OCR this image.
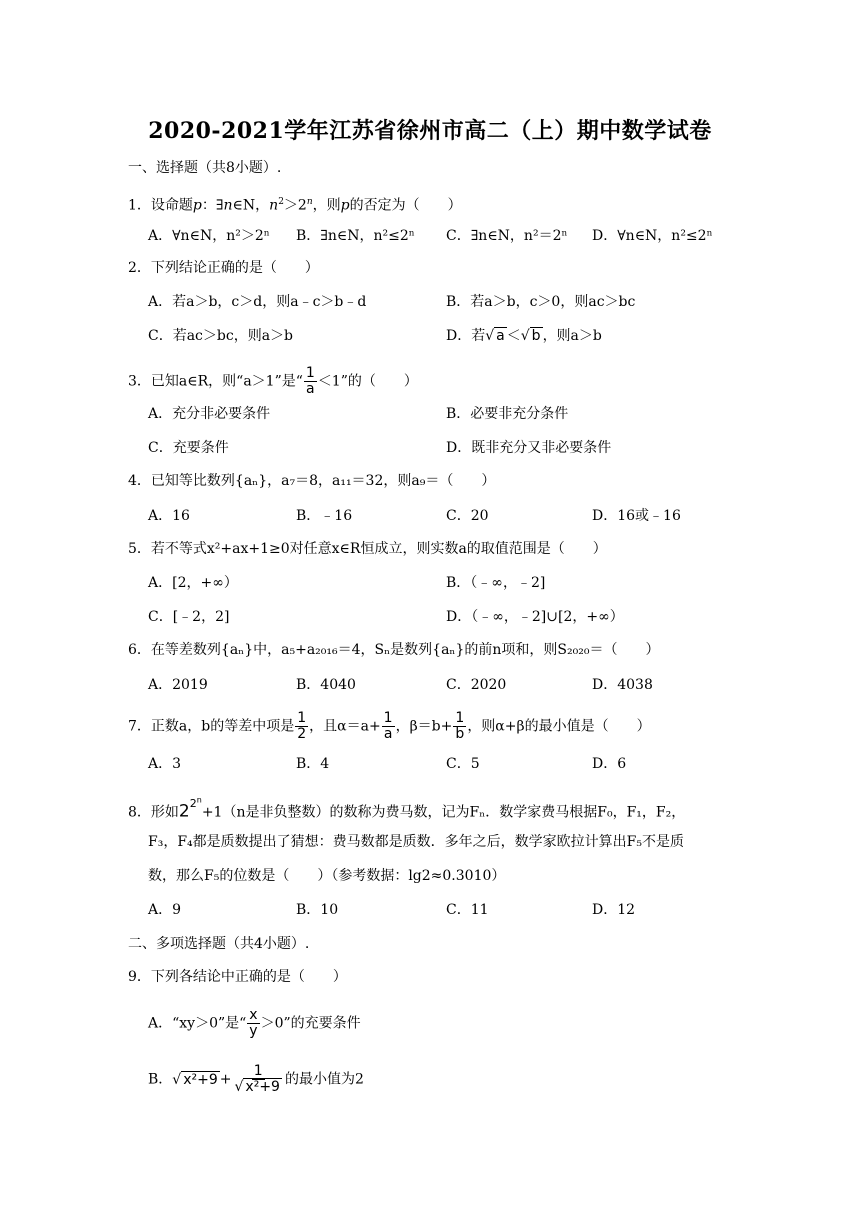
2020-2021学年江苏省徐州市高二（上）期中数学试卷
一、选择题（共8小题）.
1．设命题p：∃n∈N，$n^2>2^n$，则p的否定为（　　）
A．∀n∈N，n²＞2ⁿ B．∃n∈N，n²≤2ⁿ C．∃n∈N，n²＝2ⁿ D．∀n∈N，n²≤2ⁿ
2．下列结论正确的是（　　）
A．若a＞b，c＞d，则a﹣c＞b﹣d	B．若a＞b，c＞0，则ac＞bc
C．若ac＞bc，则a＞b	D．若√ a ＜√ b ，则a＞b
3．已知a∈R，则“a＞1”是“ $\frac{1}{a} <1$”的（　　）
A．充分非必要条件	B．必要非充分条件
C．充要条件	D．既非充分又非必要条件
4．已知等比数列{aₙ}，a₇＝8，a₁₁＝32，则a₉＝（　　）
A．16	B．﹣16	C．20	D．16或﹣16
5．若不等式x²+ax+1≥0对任意x∈R恒成立，则实数a的取值范围是（　　）
A．[2，+∞）	B．（﹣∞，﹣2]
C．[﹣2，2]	D．（﹣∞，﹣2]∪[2，+∞）
6．在等差数列{aₙ}中，a₅+a₂₀₁₆＝4，Sₙ是数列{aₙ}的前n项和，则S₂₀₂₀＝（　　）
A．2019	B．4040	C．2020	D．4038
7．正数a，b的等差中项是 $\frac{1}{2}$ ，且$\alpha=a+ \frac{1}{a}$ ，$\beta=b+ \frac{1}{b}$ ，则α+β的最小值是（　　）
A．3	B．4	C．5	D．6
8．形如$2^{2^n}+1(n$是非负整数）的数称为费马数，记为Fₙ．数学家费马根据F₀，F₁，F₂，
F₃，F₄都是质数提出了猜想：费马数都是质数．多年之后，数学家欧拉计算出F₅不是质
数，那么F₅的位数是（　　）（参考数据：lg2≈0.3010）
A．9	B．10	C．11	D．12
二、多项选择题（共4小题）.
9．下列各结论中正确的是（　　）
A．“xy＞0”是“ $\frac{x}{y} >0$”的充要条件
B．√ $x^2+9 + \frac{1}{\text{√ x²+9}}$ 的最小值为2
